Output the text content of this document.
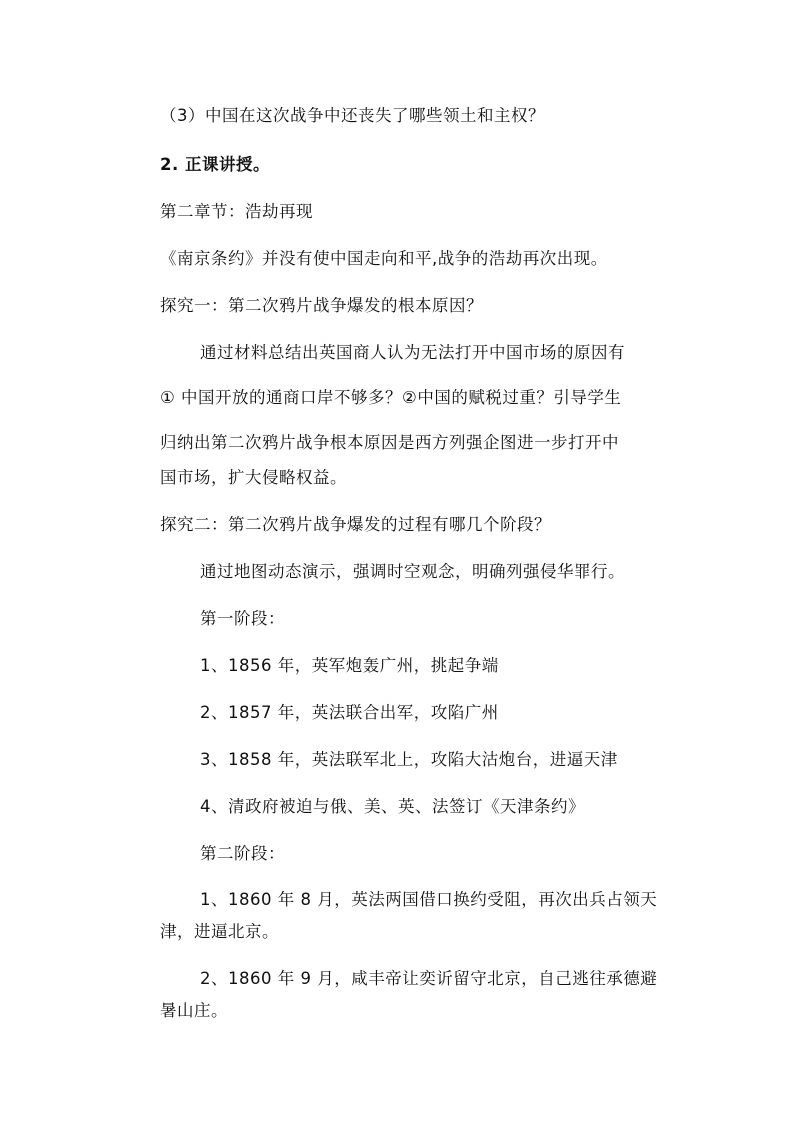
（3）中国在这次战争中还丧失了哪些领土和主权？
2. 正课讲授。
第二章节：浩劫再现
《南京条约》并没有使中国走向和平,战争的浩劫再次出现。
探究一：第二次鸦片战争爆发的根本原因？
通过材料总结出英国商人认为无法打开中国市场的原因有
① 中国开放的通商口岸不够多？②中国的赋税过重？引导学生
归纳出第二次鸦片战争根本原因是西方列强企图进一步打开中
国市场，扩大侵略权益。
探究二：第二次鸦片战争爆发的过程有哪几个阶段？
通过地图动态演示，强调时空观念，明确列强侵华罪行。
第一阶段：
1、1856 年，英军炮轰广州，挑起争端
2、1857 年，英法联合出军，攻陷广州
3、1858 年，英法联军北上，攻陷大沽炮台，进逼天津
4、清政府被迫与俄、美、英、法签订《天津条约》
第二阶段：
1、1860 年 8 月，英法两国借口换约受阻，再次出兵占领天
津，进逼北京。
2、1860 年 9 月，咸丰帝让奕䜣留守北京，自己逃往承德避
暑山庄。
